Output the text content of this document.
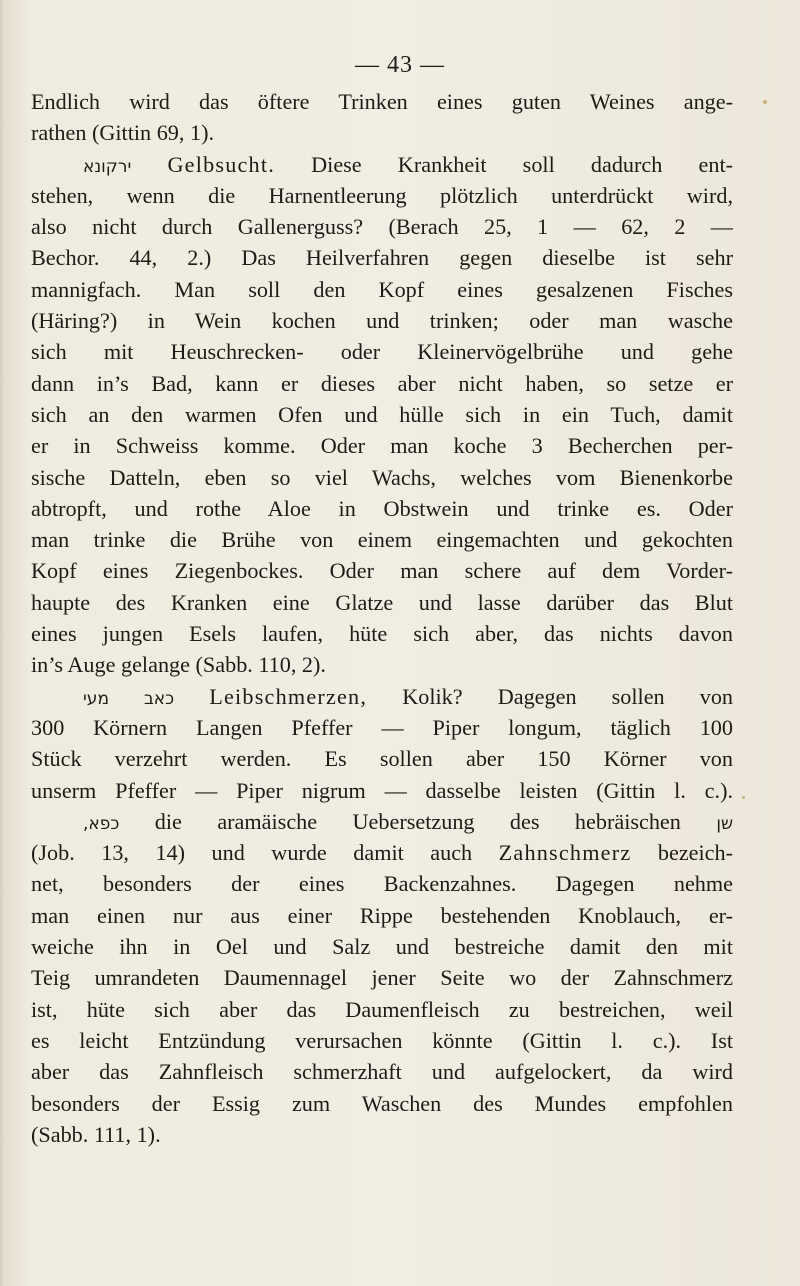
— 43 —
Endlich wird das öftere Trinken eines guten Weines ange-
rathen (Gittin 69, 1).
ירקונא Gelbsucht. Diese Krankheit soll dadurch ent-
stehen, wenn die Harnentleerung plötzlich unterdrückt wird,
also nicht durch Gallenerguss? (Berach 25, 1 — 62, 2 —
Bechor. 44, 2.) Das Heilverfahren gegen dieselbe ist sehr
mannigfach. Man soll den Kopf eines gesalzenen Fisches
(Häring?) in Wein kochen und trinken; oder man wasche
sich mit Heuschrecken- oder Kleinervögelbrühe und gehe
dann in’s Bad, kann er dieses aber nicht haben, so setze er
sich an den warmen Ofen und hülle sich in ein Tuch, damit
er in Schweiss komme. Oder man koche 3 Becherchen per-
sische Datteln, eben so viel Wachs, welches vom Bienenkorbe
abtropft, und rothe Aloe in Obstwein und trinke es. Oder
man trinke die Brühe von einem eingemachten und gekochten
Kopf eines Ziegenbockes. Oder man schere auf dem Vorder-
haupte des Kranken eine Glatze und lasse darüber das Blut
eines jungen Esels laufen, hüte sich aber, das nichts davon
in’s Auge gelange (Sabb. 110, 2).
כאב מעי Leibschmerzen, Kolik? Dagegen sollen von
300 Körnern Langen Pfeffer — Piper longum, täglich 100
Stück verzehrt werden. Es sollen aber 150 Körner von
unserm Pfeffer — Piper nigrum — dasselbe leisten (Gittin l. c.).
כפא, die aramäische Uebersetzung des hebräischen שן
(Job. 13, 14) und wurde damit auch Zahnschmerz bezeich-
net, besonders der eines Backenzahnes. Dagegen nehme
man einen nur aus einer Rippe bestehenden Knoblauch, er-
weiche ihn in Oel und Salz und bestreiche damit den mit
Teig umrandeten Daumennagel jener Seite wo der Zahnschmerz
ist, hüte sich aber das Daumenfleisch zu bestreichen, weil
es leicht Entzündung verursachen könnte (Gittin l. c.). Ist
aber das Zahnfleisch schmerzhaft und aufgelockert, da wird
besonders der Essig zum Waschen des Mundes empfohlen
(Sabb. 111, 1).
